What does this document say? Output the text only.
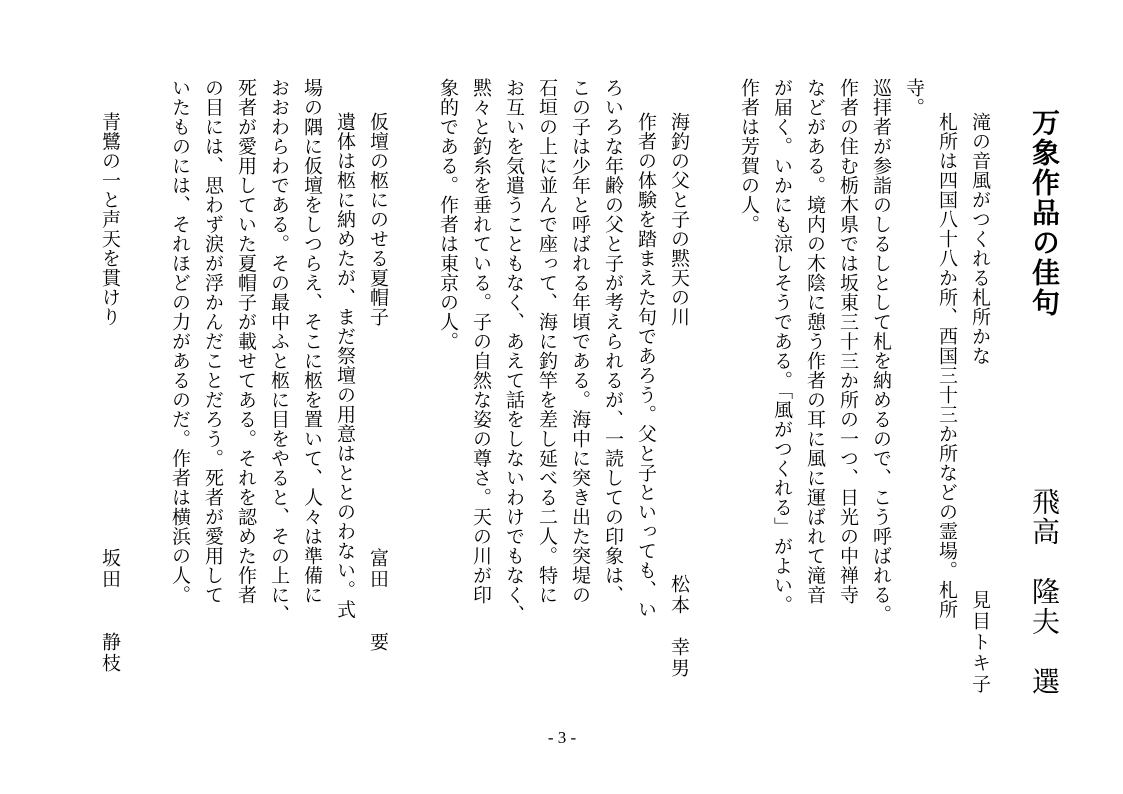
万象作品の佳句
飛高　隆夫　選

滝の音風がつくれる札所かな

見目トキ子

札所は四国八十八か所、西国三十三か所などの霊場。札所

寺。

巡拝者が参詣のしるしとして札を納めるので、こう呼ばれる。

作者の住む栃木県では坂東三十三か所の一つ、日光の中禅寺

などがある。境内の木陰に憩う作者の耳に風に運ばれて滝音

が届く。いかにも涼しそうである。「風がつくれる」がよい。

作者は芳賀の人。

海釣の父と子の黙天の川

松本　幸男

作者の体験を踏まえた句であろう。父と子といっても、い

ろいろな年齢の父と子が考えられるが、一読しての印象は、

この子は少年と呼ばれる年頃である。海中に突き出た突堤の

石垣の上に並んで座って、海に釣竿を差し延べる二人。特に

お互いを気遣うこともなく、あえて話をしないわけでもなく、

黙々と釣糸を垂れている。子の自然な姿の尊さ。天の川が印

象的である。作者は東京の人。

仮壇の柩にのせる夏帽子

富田　　要

遺体は柩に納めたが、まだ祭壇の用意はととのわない。式

場の隅に仮壇をしつらえ、そこに柩を置いて、人々は準備に

おおわらわである。その最中ふと柩に目をやると、その上に、

死者が愛用していた夏帽子が載せてある。それを認めた作者

の目には、思わず涙が浮かんだことだろう。死者が愛用して

いたものには、それほどの力があるのだ。作者は横浜の人。

青鷺の一と声天を貫けり

坂田　　静枝

- 3 -
